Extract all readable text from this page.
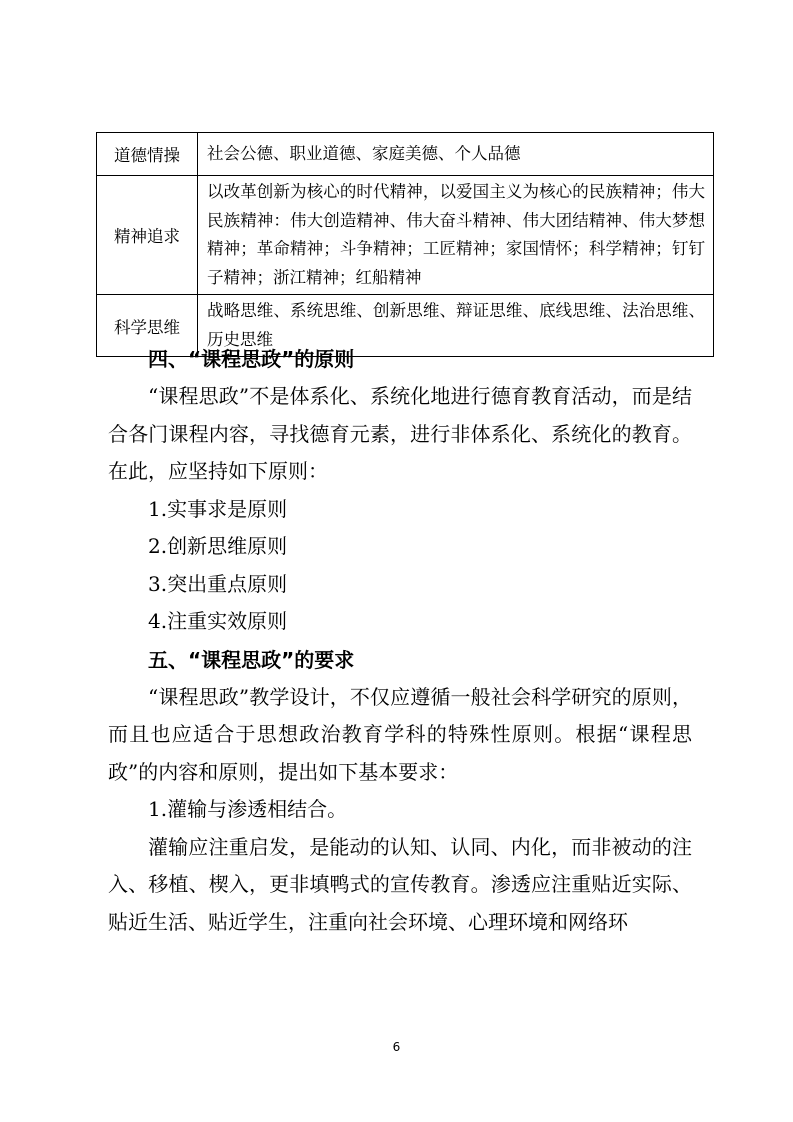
道德情操	社会公德、职业道德、家庭美德、个人品德
精神追求	以改革创新为核心的时代精神，以爱国主义为核心的民族精神；伟大民族精神：伟大创造精神、伟大奋斗精神、伟大团结精神、伟大梦想精神；革命精神；斗争精神；工匠精神；家国情怀；科学精神；钉钉子精神；浙江精神；红船精神
科学思维	战略思维、系统思维、创新思维、辩证思维、底线思维、法治思维、历史思维
四、“课程思政”的原则

“课程思政”不是体系化、系统化地进行德育教育活动，而是结合各门课程内容，寻找德育元素，进行非体系化、系统化的教育。在此，应坚持如下原则：

1.实事求是原则
2.创新思维原则
3.突出重点原则
4.注重实效原则
五、“课程思政”的要求

“课程思政”教学设计，不仅应遵循一般社会科学研究的原则，而且也应适合于思想政治教育学科的特殊性原则。根据“课程思政”的内容和原则，提出如下基本要求：

1.灌输与渗透相结合。

灌输应注重启发，是能动的认知、认同、内化，而非被动的注入、移植、楔入，更非填鸭式的宣传教育。渗透应注重贴近实际、贴近生活、贴近学生，注重向社会环境、心理环境和网络环

6
